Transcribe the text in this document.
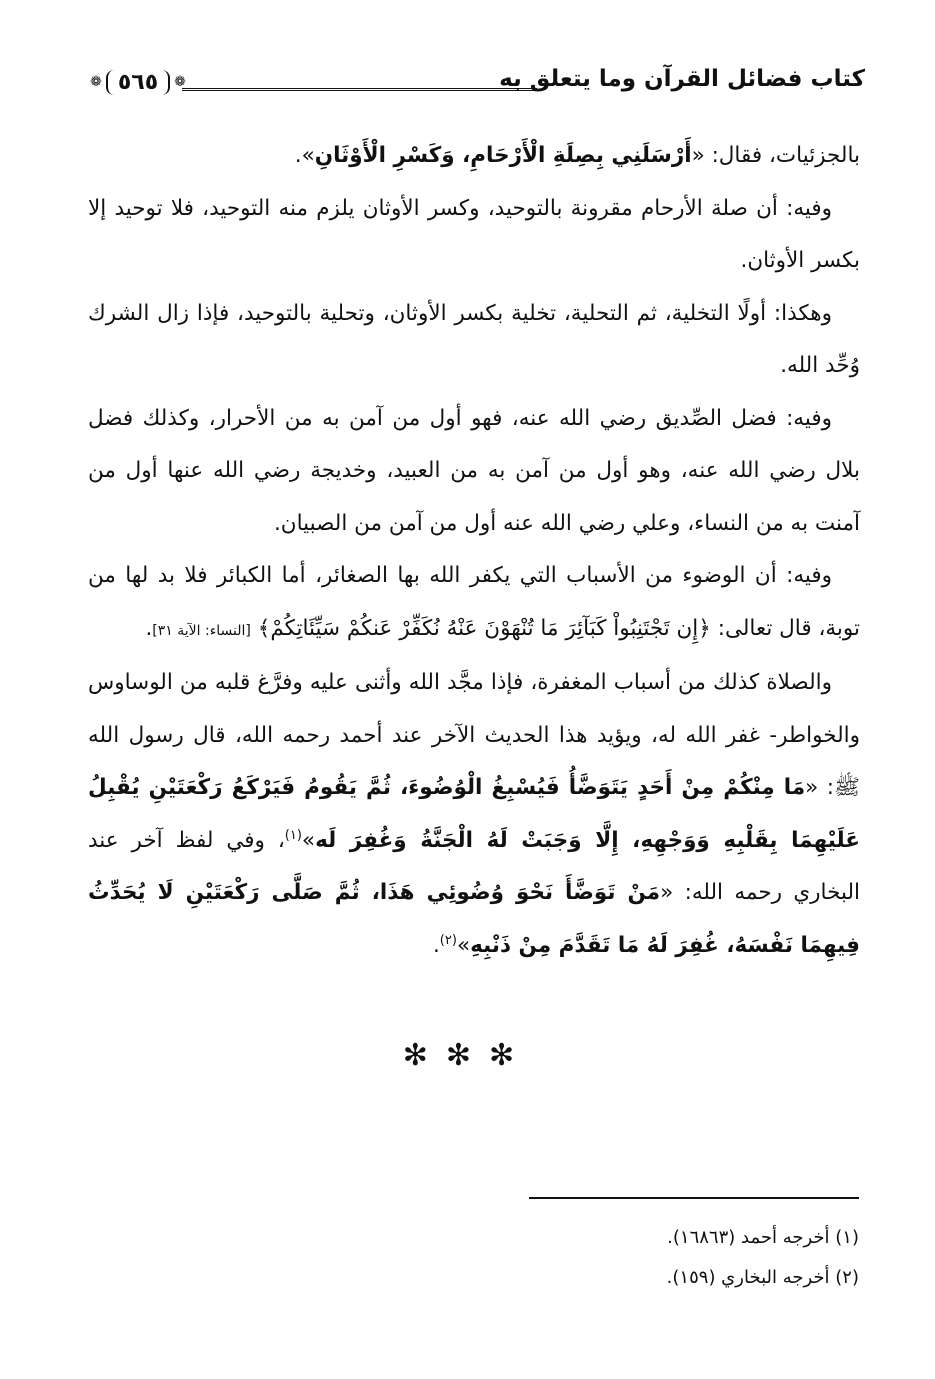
كتاب فضائل القرآن وما يتعلق به
❁
٥٦٥
❁

بالجزئيات، فقال: «أَرْسَلَنِي بِصِلَةِ الْأَرْحَامِ، وَكَسْرِ الْأَوْثَانِ».

وفيه: أن صلة الأرحام مقرونة بالتوحيد، وكسر الأوثان يلزم منه التوحيد، فلا توحيد إلا بكسر الأوثان.

وهكذا: أولًا التخلية، ثم التحلية، تخلية بكسر الأوثان، وتحلية بالتوحيد، فإذا زال الشرك وُحِّد الله.

وفيه: فضل الصِّديق رضي الله عنه، فهو أول من آمن به من الأحرار، وكذلك فضل بلال رضي الله عنه، وهو أول من آمن به من العبيد، وخديجة رضي الله عنها أول من آمنت به من النساء، وعلي رضي الله عنه أول من آمن من الصبيان.

وفيه: أن الوضوء من الأسباب التي يكفر الله بها الصغائر، أما الكبائر فلا بد لها من توبة، قال تعالى: ﴿إِن تَجْتَنِبُواْ كَبَآئِرَ مَا تُنْهَوْنَ عَنْهُ نُكَفِّرْ عَنكُمْ سَيِّئَاتِكُمْ﴾ [النساء: الآية ٣١].

والصلاة كذلك من أسباب المغفرة، فإذا مجَّد الله وأثنى عليه وفرَّغ قلبه من الوساوس والخواطر- غفر الله له، ويؤيد هذا الحديث الآخر عند أحمد رحمه الله، قال رسول الله ﷺ: «مَا مِنْكُمْ مِنْ أَحَدٍ يَتَوَضَّأُ فَيُسْبِغُ الْوُضُوءَ، ثُمَّ يَقُومُ فَيَرْكَعُ رَكْعَتَيْنِ يُقْبِلُ عَلَيْهِمَا بِقَلْبِهِ وَوَجْهِهِ، إِلَّا وَجَبَتْ لَهُ الْجَنَّةُ وَغُفِرَ لَه»$^{(١)}$، وفي لفظ آخر عند البخاري رحمه الله: «مَنْ تَوَضَّأَ نَحْوَ وُضُوئِي هَذَا، ثُمَّ صَلَّى رَكْعَتَيْنِ لَا يُحَدِّثُ فِيهِمَا نَفْسَهُ، غُفِرَ لَهُ مَا تَقَدَّمَ مِنْ ذَنْبِهِ»$^{(٢)}$.

✻✻✻

(١) أخرجه أحمد (١٦٨٦٣).

(٢) أخرجه البخاري (١٥٩).
